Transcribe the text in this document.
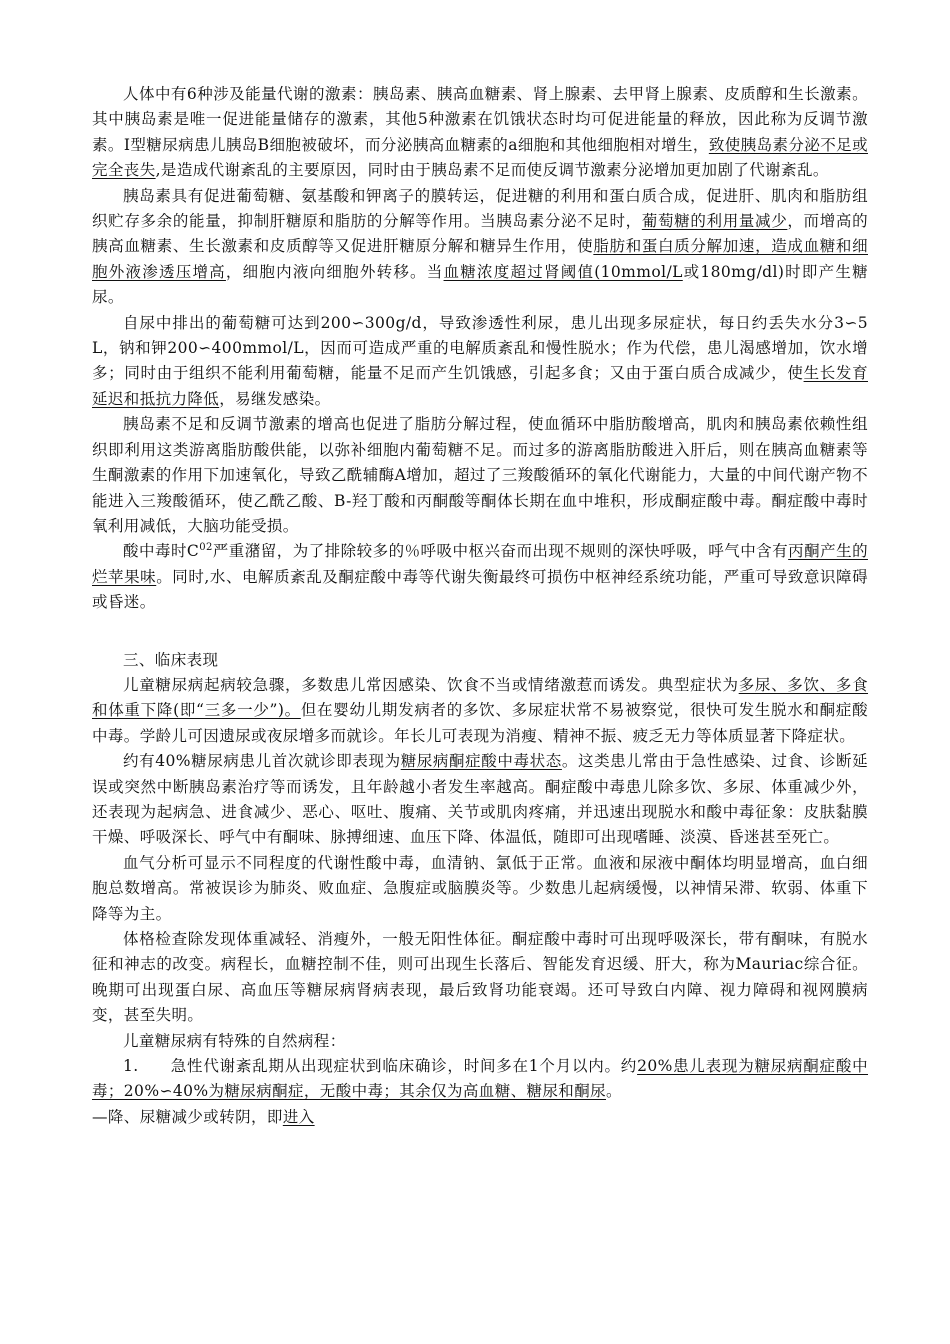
人体中有6种涉及能量代谢的激素：胰岛素、胰高血糖素、肾上腺素、去甲肾上腺素、皮质醇和生长激素。其中胰岛素是唯一促进能量储存的激素，其他5种激素在饥饿状态时均可促进能量的释放，因此称为反调节激素。I型糖尿病患儿胰岛B细胞被破坏，而分泌胰高血糖素的a细胞和其他细胞相对增生，致使胰岛素分泌不足或完全丧失,是造成代谢紊乱的主要原因，同时由于胰岛素不足而使反调节激素分泌增加更加剧了代谢紊乱。

胰岛素具有促进葡萄糖、氨基酸和钾离子的膜转运，促进糖的利用和蛋白质合成，促进肝、肌肉和脂肪组织贮存多余的能量，抑制肝糖原和脂肪的分解等作用。当胰岛素分泌不足时，葡萄糖的利用量减少，而增高的胰高血糖素、生长激素和皮质醇等又促进肝糖原分解和糖异生作用，使脂肪和蛋白质分解加速，造成血糖和细胞外液渗透压增高，细胞内液向细胞外转移。当血糖浓度超过肾阈值(10mmol/L或180mg/dl)时即产生糖尿。

自尿中排出的葡萄糖可达到200∽300g/d，导致渗透性利尿，患儿出现多尿症状，每日约丢失水分3∽5L，钠和钾200∽400mmol/L，因而可造成严重的电解质紊乱和慢性脱水；作为代偿，患儿渴感增加，饮水增多；同时由于组织不能利用葡萄糖，能量不足而产生饥饿感，引起多食；又由于蛋白质合成减少，使生长发育延迟和抵抗力降低，易继发感染。

胰岛素不足和反调节激素的增高也促进了脂肪分解过程，使血循环中脂肪酸增高，肌肉和胰岛素依赖性组织即利用这类游离脂肪酸供能，以弥补细胞内葡萄糖不足。而过多的游离脂肪酸进入肝后，则在胰高血糖素等生酮激素的作用下加速氧化，导致乙酰辅酶A增加，超过了三羧酸循环的氧化代谢能力，大量的中间代谢产物不能进入三羧酸循环，使乙酰乙酸、B-羟丁酸和丙酮酸等酮体长期在血中堆积，形成酮症酸中毒。酮症酸中毒时氧利用减低，大脑功能受损。

酸中毒时$C^{02}$严重潴留，为了排除较多的％呼吸中枢兴奋而出现不规则的深快呼吸，呼气中含有丙酮产生的烂苹果味。同时,水、电解质紊乱及酮症酸中毒等代谢失衡最终可损伤中枢神经系统功能，严重可导致意识障碍或昏迷。

三、临床表现

儿童糖尿病起病较急骤，多数患儿常因感染、饮食不当或情绪激惹而诱发。典型症状为多尿、多饮、多食和体重下降(即“三多一少”)。但在婴幼儿期发病者的多饮、多尿症状常不易被察觉，很快可发生脱水和酮症酸中毒。学龄儿可因遗尿或夜尿增多而就诊。年长儿可表现为消瘦、精神不振、疲乏无力等体质显著下降症状。

约有40%糖尿病患儿首次就诊即表现为糖尿病酮症酸中毒状态。这类患儿常由于急性感染、过食、诊断延误或突然中断胰岛素治疗等而诱发，且年龄越小者发生率越高。酮症酸中毒患儿除多饮、多尿、体重减少外，还表现为起病急、进食减少、恶心、呕吐、腹痛、关节或肌肉疼痛，并迅速出现脱水和酸中毒征象：皮肤黏膜干燥、呼吸深长、呼气中有酮味、脉搏细速、血压下降、体温低，随即可出现嗜睡、淡漠、昏迷甚至死亡。

血气分析可显示不同程度的代谢性酸中毒，血清钠、氯低于正常。血液和尿液中酮体均明显增高，血白细胞总数增高。常被误诊为肺炎、败血症、急腹症或脑膜炎等。少数患儿起病缓慢，以神情呆滞、软弱、体重下降等为主。

体格检查除发现体重减轻、消瘦外，一般无阳性体征。酮症酸中毒时可出现呼吸深长，带有酮味，有脱水征和神志的改变。病程长，血糖控制不佳，则可出现生长落后、智能发育迟缓、肝大，称为Mauriac综合征。晚期可出现蛋白尿、高血压等糖尿病肾病表现，最后致肾功能衰竭。还可导致白内障、视力障碍和视网膜病变，甚至失明。

儿童糖尿病有特殊的自然病程：

1.   急性代谢紊乱期从出现症状到临床确诊，时间多在1个月以内。约20%患儿表现为糖尿病酮症酸中毒；20%∽40%为糖尿病酮症，无酸中毒；其余仅为高血糖、糖尿和酮尿。

—降、尿糖减少或转阴，即进入
